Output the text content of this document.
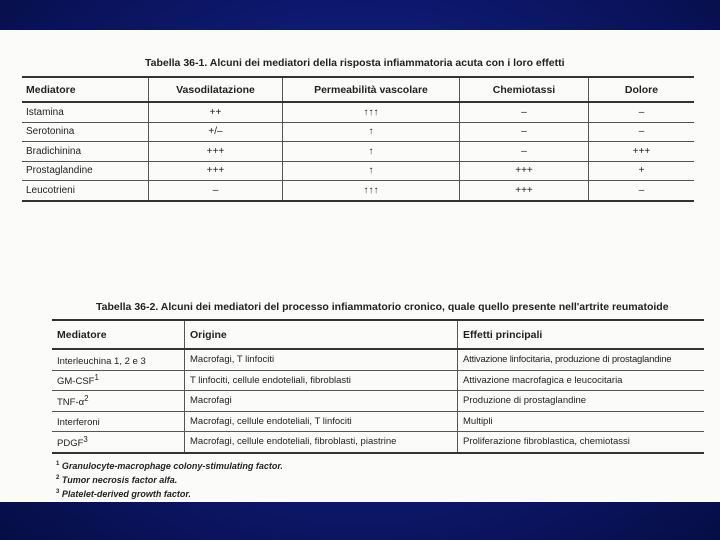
Tabella 36-1. Alcuni dei mediatori della risposta infiammatoria acuta con i loro effetti
Mediatore	Vasodilatazione	Permeabilità vascolare	Chemiotassi	Dolore
Istamina	++	↑↑↑	–	–
Serotonina	+/–	↑	–	–
Bradichinina	+++	↑	–	+++
Prostaglandine	+++	↑	+++	+
Leucotrieni	–	↑↑↑	+++	–
Tabella 36-2. Alcuni dei mediatori del processo infiammatorio cronico, quale quello presente nell'artrite reumatoide
Mediatore	Origine	Effetti principali
Interleuchina 1, 2 e 3	Macrofagi, T linfociti	Attivazione linfocitaria, produzione di prostaglandine
GM-CSF$^1$	T linfociti, cellule endoteliali, fibroblasti	Attivazione macrofagica e leucocitaria
TNF-$\alpha^2$	Macrofagi	Produzione di prostaglandine
Interferoni	Macrofagi, cellule endoteliali, T linfociti	Multipli
PDGF$^3$	Macrofagi, cellule endoteliali, fibroblasti, piastrine	Proliferazione fibroblastica, chemiotassi
$^1$ Granulocyte-macrophage colony-stimulating factor.
$^2$ Tumor necrosis factor alfa.
$^3$ Platelet-derived growth factor.
